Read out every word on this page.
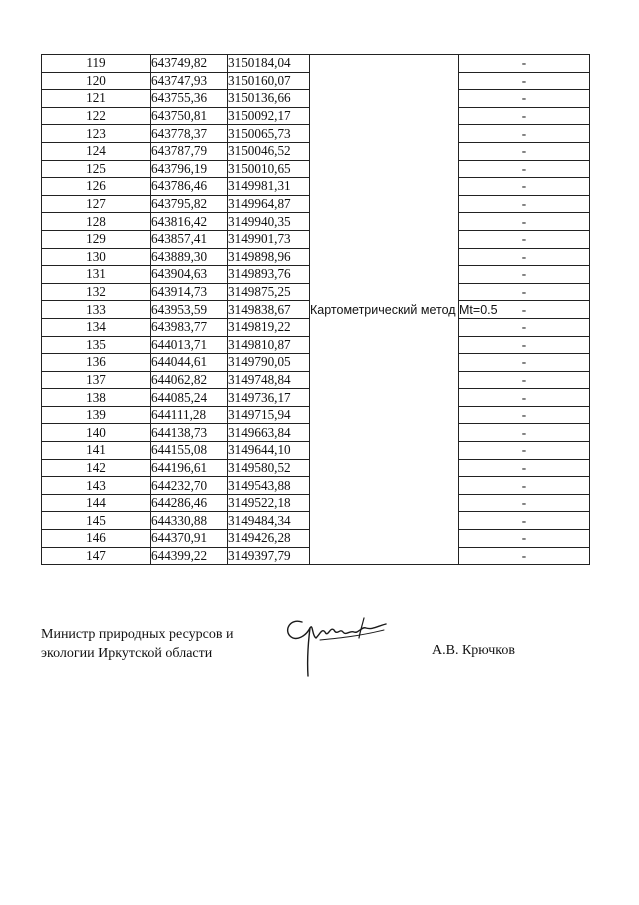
119	643749,82	3150184,04	Картометрический метод Mt=0.5	-
120	643747,93	3150160,07		-
121	643755,36	3150136,66		-
122	643750,81	3150092,17		-
123	643778,37	3150065,73		-
124	643787,79	3150046,52		-
125	643796,19	3150010,65		-
126	643786,46	3149981,31		-
127	643795,82	3149964,87		-
128	643816,42	3149940,35		-
129	643857,41	3149901,73		-
130	643889,30	3149898,96		-
131	643904,63	3149893,76		-
132	643914,73	3149875,25		-
133	643953,59	3149838,67		-
134	643983,77	3149819,22		-
135	644013,71	3149810,87		-
136	644044,61	3149790,05		-
137	644062,82	3149748,84		-
138	644085,24	3149736,17		-
139	644111,28	3149715,94		-
140	644138,73	3149663,84		-
141	644155,08	3149644,10		-
142	644196,61	3149580,52		-
143	644232,70	3149543,88		-
144	644286,46	3149522,18		-
145	644330,88	3149484,34		-
146	644370,91	3149426,28		-
147	644399,22	3149397,79		-
Министр природных ресурсов и
экологии Иркутской области	А.В. Крючков
